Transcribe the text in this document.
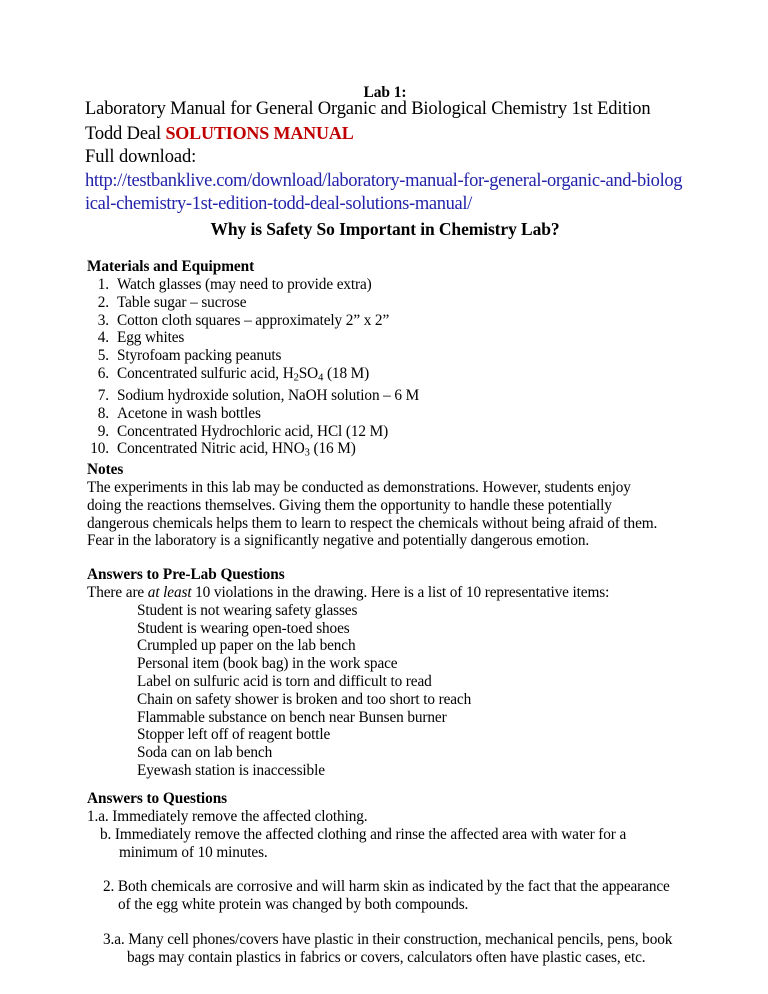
Lab 1:
Laboratory Manual for General Organic and Biological Chemistry 1st Edition
Todd Deal SOLUTIONS MANUAL
Full download:
http://testbanklive.com/download/laboratory-manual-for-general-organic-and-biological-chemistry-1st-edition-todd-deal-solutions-manual/
Why is Safety So Important in Chemistry Lab?
Materials and Equipment
1. Watch glasses (may need to provide extra)
2. Table sugar – sucrose
3. Cotton cloth squares – approximately 2” x 2”
4. Egg whites
5. Styrofoam packing peanuts
6. Concentrated sulfuric acid, $H_2SO_4$ (18 M)
7. Sodium hydroxide solution, NaOH solution – 6 M
8. Acetone in wash bottles
9. Concentrated Hydrochloric acid, HCl (12 M)
10. Concentrated Nitric acid, $HNO_3$ (16 M)
Notes
The experiments in this lab may be conducted as demonstrations. However, students enjoy
doing the reactions themselves. Giving them the opportunity to handle these potentially
dangerous chemicals helps them to learn to respect the chemicals without being afraid of them.
Fear in the laboratory is a significantly negative and potentially dangerous emotion.
Answers to Pre-Lab Questions
There are at least 10 violations in the drawing. Here is a list of 10 representative items:
Student is not wearing safety glasses
Student is wearing open-toed shoes
Crumpled up paper on the lab bench
Personal item (book bag) in the work space
Label on sulfuric acid is torn and difficult to read
Chain on safety shower is broken and too short to reach
Flammable substance on bench near Bunsen burner
Stopper left off of reagent bottle
Soda can on lab bench
Eyewash station is inaccessible
Answers to Questions
1.a. Immediately remove the affected clothing.
b. Immediately remove the affected clothing and rinse the affected area with water for a minimum of 10 minutes.
2. Both chemicals are corrosive and will harm skin as indicated by the fact that the appearance of the egg white protein was changed by both compounds.
3.a. Many cell phones/covers have plastic in their construction, mechanical pencils, pens, book bags may contain plastics in fabrics or covers, calculators often have plastic cases, etc.
